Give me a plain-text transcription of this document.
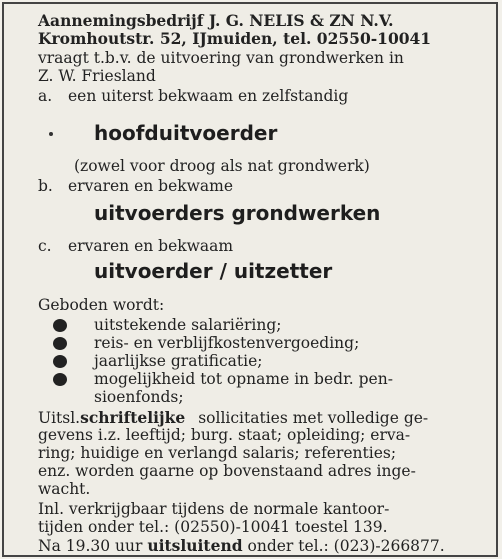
Aannemingsbedrijf J. G. NELIS & ZN N.V.
Kromhoutstr. 52, IJmuiden, tel. 02550-10041
vraagt t.b.v. de uitvoering van grondwerken in
Z. W. Friesland
a. een uiterst bekwaam en zelfstandig
hoofduitvoerder
(zowel voor droog als nat grondwerk)
b. ervaren en bekwame
uitvoerders grondwerken
c. ervaren en bekwaam
uitvoerder / uitzetter
Geboden wordt:
uitstekende salariëring;
reis- en verblijfkostenvergoeding;
jaarlijkse gratificatie;
mogelijkheid tot opname in bedr. pen-
sioenfonds;
Uitsl.schriftelijke sollicitaties met volledige ge-
gevens i.z. leeftijd; burg. staat; opleiding; erva-
ring; huidige en verlangd salaris; referenties;
enz. worden gaarne op bovenstaand adres inge-
wacht.
Inl. verkrijgbaar tijdens de normale kantoor-
tijden onder tel.: (02550)-10041 toestel 139.
Na 19.30 uur uitsluitend onder tel.: (023)-266877.
